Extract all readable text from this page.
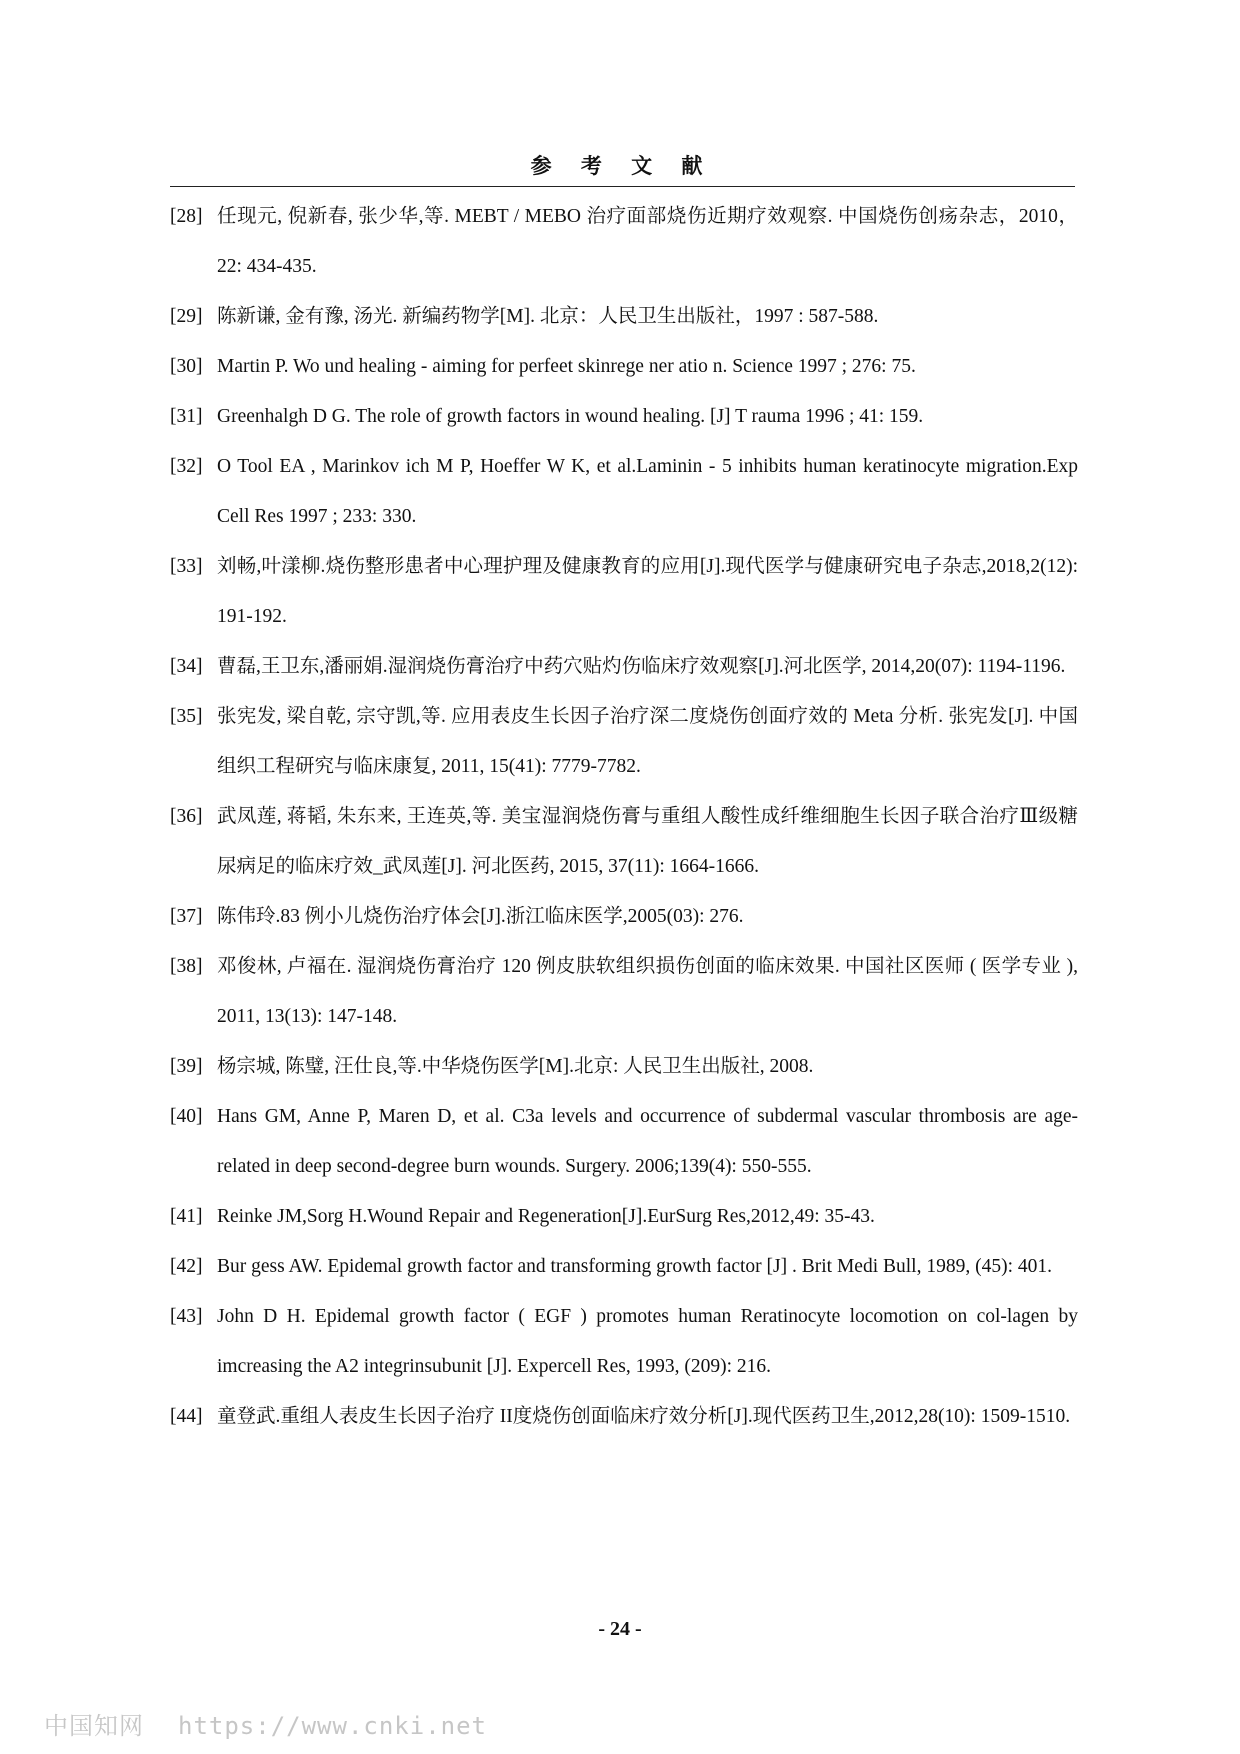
参 考 文 献
[28] 任现元, 倪新春, 张少华,等. MEBT / MEBO 治疗面部烧伤近期疗效观察. 中国烧伤创疡杂志，2010，22: 434-435.
[29] 陈新谦, 金有豫, 汤光. 新编药物学[M]. 北京：人民卫生出版社，1997 : 587-588.
[30] Martin P. Wo und healing - aiming for perfeet skinrege ner atio n. Science 1997 ; 276: 75.
[31] Greenhalgh D G. The role of growth factors in wound healing. [J] T rauma 1996 ; 41: 159.
[32] O Tool EA , Marinkov ich M P, Hoeffer W K, et al.Laminin - 5 inhibits human keratinocyte migration.Exp Cell Res 1997 ; 233: 330.
[33] 刘畅,叶漾柳.烧伤整形患者中心理护理及健康教育的应用[J].现代医学与健康研究电子杂志,2018,2(12): 191-192.
[34] 曹磊,王卫东,潘丽娟.湿润烧伤膏治疗中药穴贴灼伤临床疗效观察[J].河北医学, 2014,20(07): 1194-1196.
[35] 张宪发, 梁自乾, 宗守凯,等. 应用表皮生长因子治疗深二度烧伤创面疗效的 Meta 分析. 张宪发[J]. 中国组织工程研究与临床康复, 2011, 15(41): 7779-7782.
[36] 武凤莲, 蒋韬, 朱东来, 王连英,等. 美宝湿润烧伤膏与重组人酸性成纤维细胞生长因子联合治疗Ⅲ级糖尿病足的临床疗效_武凤莲[J]. 河北医药, 2015, 37(11): 1664-1666.
[37] 陈伟玲.83 例小儿烧伤治疗体会[J].浙江临床医学,2005(03): 276.
[38] 邓俊林, 卢福在. 湿润烧伤膏治疗 120 例皮肤软组织损伤创面的临床效果. 中国社区医师 ( 医学专业 ), 2011, 13(13): 147-148.
[39] 杨宗城, 陈璧, 汪仕良,等.中华烧伤医学[M].北京: 人民卫生出版社, 2008.
[40] Hans GM, Anne P, Maren D, et al. C3a levels and occurrence of subdermal vascular thrombosis are age-related in deep second-degree burn wounds. Surgery. 2006;139(4): 550-555.
[41] Reinke JM,Sorg H.Wound Repair and Regeneration[J].EurSurg Res,2012,49: 35-43.
[42] Bur gess AW. Epidemal growth factor and transforming growth factor [J] . Brit Medi Bull, 1989, (45): 401.
[43] John D H. Epidemal growth factor ( EGF ) promotes human Reratinocyte locomotion on col-lagen by imcreasing the A2 integrinsubunit [J]. Expercell Res, 1993, (209): 216.
[44] 童登武.重组人表皮生长因子治疗 II度烧伤创面临床疗效分析[J].现代医药卫生,2012,28(10): 1509-1510.
- 24 -
中国知网 https://www.cnki.net
